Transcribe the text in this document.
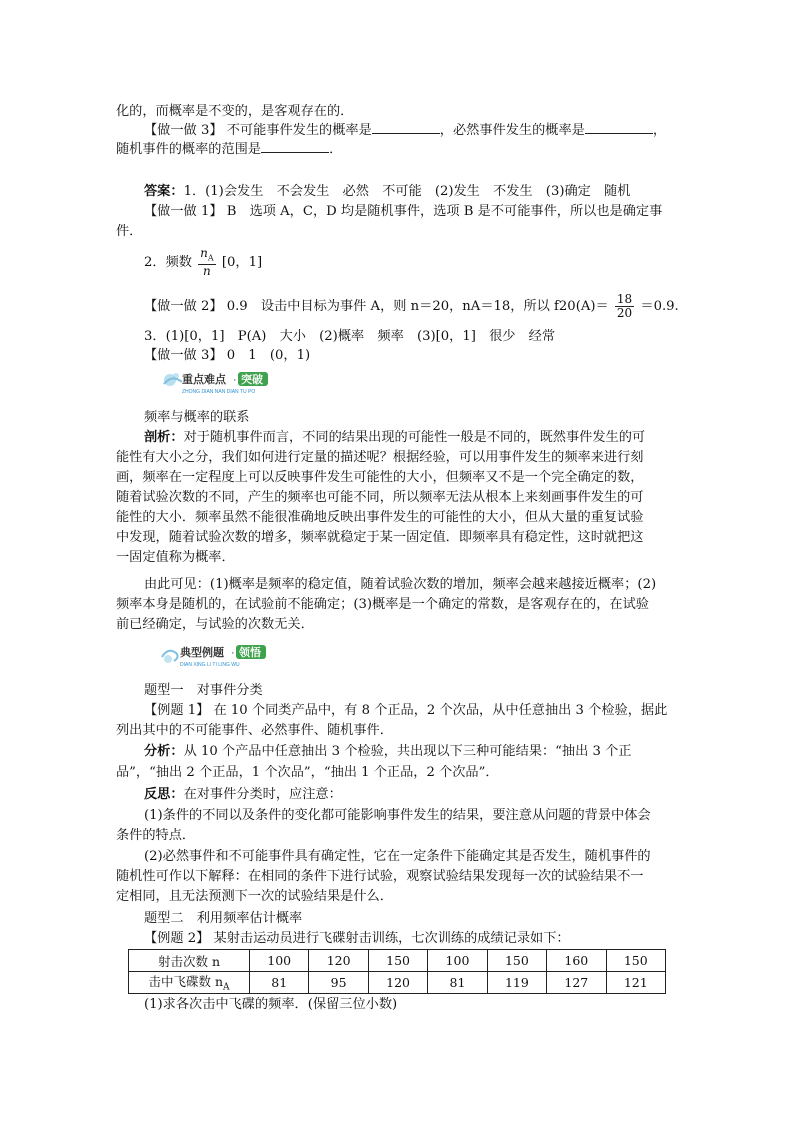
化的，而概率是不变的，是客观存在的．
【做一做 3】 不可能事件发生的概率是	，必然事件发生的概率是	，
随机事件的概率的范围是	．
答案：1．(1)会发生　不会发生　必然　不可能　(2)发生　不发生　(3)确定　随机
【做一做 1】 B　选项 A，C，D 均是随机事件，选项 B 是不可能事件，所以也是确定事
件．
2．频数 $\frac{n_A}{n} [0$，1]
【做一做 2】 0.9　设击中目标为事件 A，则 n＝20，nA＝18，所以 $f20(A)= \frac{18}{20} =0.9$.
3．(1)[0，1]　P(A)　大小　(2)概率　频率　(3)[0，1]　很少　经常
【做一做 3】 0　1　(0，1)
重点难点 · 突破
ZHONG DIAN NAN DIAN TU PO
频率与概率的联系
剖析：对于随机事件而言，不同的结果出现的可能性一般是不同的，既然事件发生的可
能性有大小之分，我们如何进行定量的描述呢？根据经验，可以用事件发生的频率来进行刻
画，频率在一定程度上可以反映事件发生可能性的大小，但频率又不是一个完全确定的数，
随着试验次数的不同，产生的频率也可能不同，所以频率无法从根本上来刻画事件发生的可
能性的大小．频率虽然不能很准确地反映出事件发生的可能性的大小，但从大量的重复试验
中发现，随着试验次数的增多，频率就稳定于某一固定值．即频率具有稳定性，这时就把这
一固定值称为概率．
由此可见：(1)概率是频率的稳定值，随着试验次数的增加，频率会越来越接近概率；(2)
频率本身是随机的，在试验前不能确定；(3)概率是一个确定的常数，是客观存在的，在试验
前已经确定，与试验的次数无关．
典型例题 · 领悟
DIAN XING LI TI LING WU
题型一　对事件分类
【例题 1】 在 10 个同类产品中，有 8 个正品，2 个次品，从中任意抽出 3 个检验，据此
列出其中的不可能事件、必然事件、随机事件．
分析：从 10 个产品中任意抽出 3 个检验，共出现以下三种可能结果：“抽出 3 个正
品”，“抽出 2 个正品，1 个次品”，“抽出 1 个正品，2 个次品”．
反思：在对事件分类时，应注意：
(1)条件的不同以及条件的变化都可能影响事件发生的结果，要注意从问题的背景中体会
条件的特点．
(2)必然事件和不可能事件具有确定性，它在一定条件下能确定其是否发生，随机事件的
随机性可作以下解释：在相同的条件下进行试验，观察试验结果发现每一次的试验结果不一
定相同，且无法预测下一次的试验结果是什么．
题型二　利用频率估计概率
【例题 2】 某射击运动员进行飞碟射击训练，七次训练的成绩记录如下：
射击次数 n	100	120	150	100	150	160	150
击中飞碟数 $n_A$	81	95	120	81	119	127	121
(1)求各次击中飞碟的频率．(保留三位小数)
